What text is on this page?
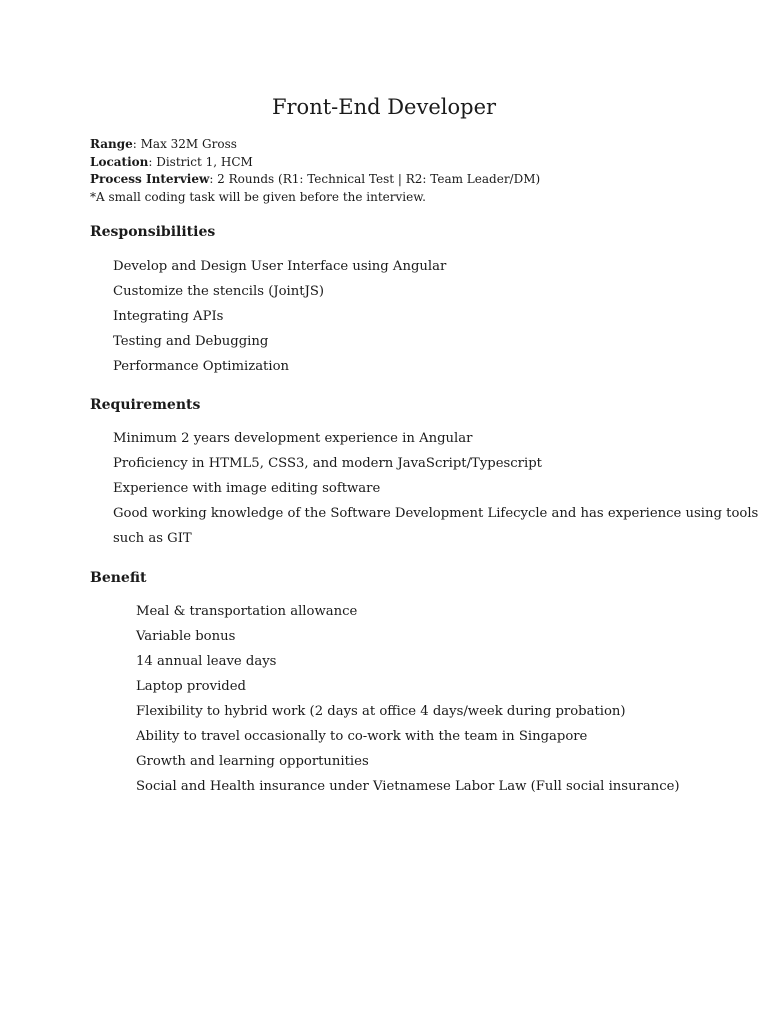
Front-End Developer
Range: Max 32M Gross
Location: District 1, HCM
Process Interview: 2 Rounds (R1: Technical Test | R2: Team Leader/DM)
*A small coding task will be given before the interview.
Responsibilities
Develop and Design User Interface using Angular
Customize the stencils (JointJS)
Integrating APIs
Testing and Debugging
Performance Optimization
Requirements
Minimum 2 years development experience in Angular
Proficiency in HTML5, CSS3, and modern JavaScript/Typescript
Experience with image editing software
Good working knowledge of the Software Development Lifecycle and has experience using tools
such as GIT
Benefit
Meal & transportation allowance
Variable bonus
14 annual leave days
Laptop provided
Flexibility to hybrid work (2 days at office 4 days/week during probation)
Ability to travel occasionally to co-work with the team in Singapore
Growth and learning opportunities
Social and Health insurance under Vietnamese Labor Law (Full social insurance)
